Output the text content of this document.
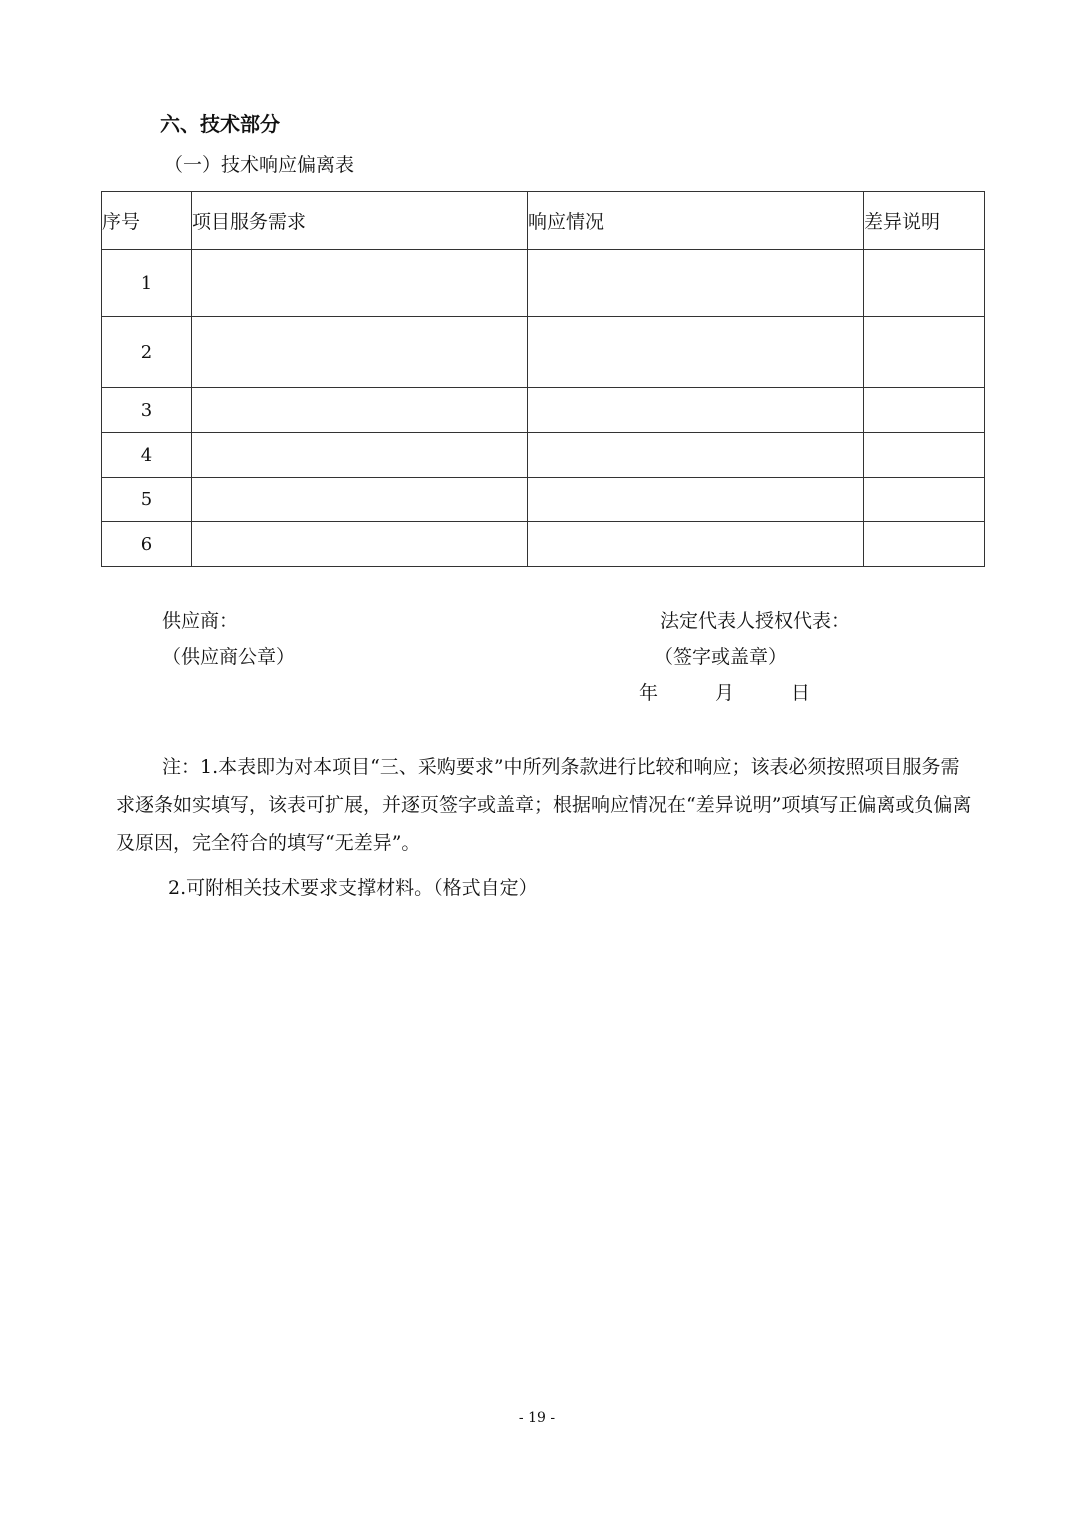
六、技术部分
（一）技术响应偏离表
序号	项目服务需求	响应情况	差异说明
1			
2			
3			
4			
5			
6			
供应商：
（供应商公章）
法定代表人授权代表：
（签字或盖章）
年	月	日
注：1.本表即为对本项目“三、采购要求”中所列条款进行比较和响应；该表必须按照项目服务需求逐条如实填写，该表可扩展，并逐页签字或盖章；根据响应情况在“差异说明”项填写正偏离或负偏离及原因，完全符合的填写“无差异”。
2.可附相关技术要求支撑材料。（格式自定）
- 19 -
